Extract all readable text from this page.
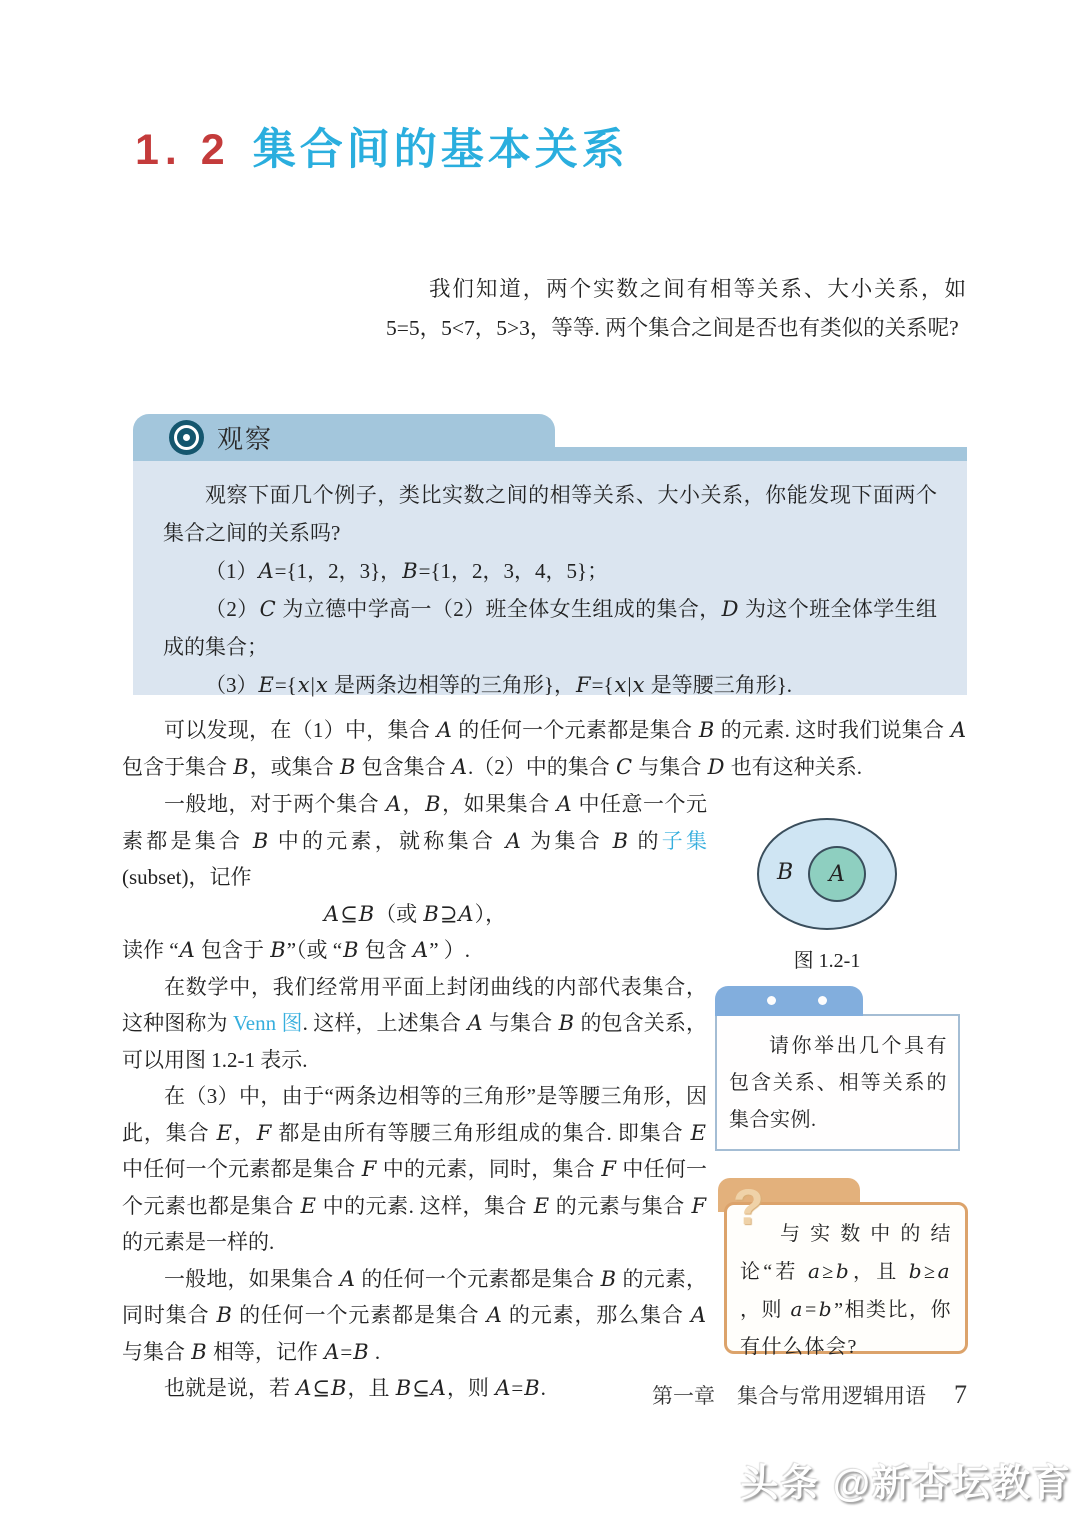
1. 2 集合间的基本关系
我们知道，两个实数之间有相等关系、大小关系，如 5=5，5<7，5>3，等等. 两个集合之间是否也有类似的关系呢?
观察

观察下面几个例子，类比实数之间的相等关系、大小关系，你能发现下面两个集合之间的关系吗?

（1）A={1，2，3}，B={1，2，3，4，5}；

（2）C 为立德中学高一（2）班全体女生组成的集合，D 为这个班全体学生组成的集合；

（3）E={x|x 是两条边相等的三角形}，F={x|x 是等腰三角形}.

可以发现，在（1）中，集合 A 的任何一个元素都是集合 B 的元素. 这时我们说集合 A 包含于集合 B，或集合 B 包含集合 A.（2）中的集合 C 与集合 D 也有这种关系.

一般地，对于两个集合 A，B，如果集合 A 中任意一个元素都是集合 B 中的元素，就称集合 A 为集合 B 的子集(subset)，记作

A⊆B（或 B⊇A），

读作 “A 包含于 B”（或 “B 包含 A” ）.

在数学中，我们经常用平面上封闭曲线的内部代表集合，这种图称为 Venn 图. 这样，上述集合 A 与集合 B 的包含关系，可以用图 1.2-1 表示.

在（3）中，由于“两条边相等的三角形”是等腰三角形，因此，集合 E，F 都是由所有等腰三角形组成的集合. 即集合 E 中任何一个元素都是集合 F 中的元素，同时，集合 F 中任何一个元素也都是集合 E 中的元素. 这样，集合 E 的元素与集合 F 的元素是一样的.

一般地，如果集合 A 的任何一个元素都是集合 B 的元素，同时集合 B 的任何一个元素都是集合 A 的元素，那么集合 A 与集合 B 相等，记作 A=B .

也就是说，若 A⊆B，且 B⊆A，则 A=B.

B A
图 1.2-1
请你举出几个具有包含关系、相等关系的集合实例.
? 与实数中的结论“若 a≥b，且 b≥a ，则 a=b”相类比，你有什么体会?
第一章 集合与常用逻辑用语 7
头条 @新杏坛教育
